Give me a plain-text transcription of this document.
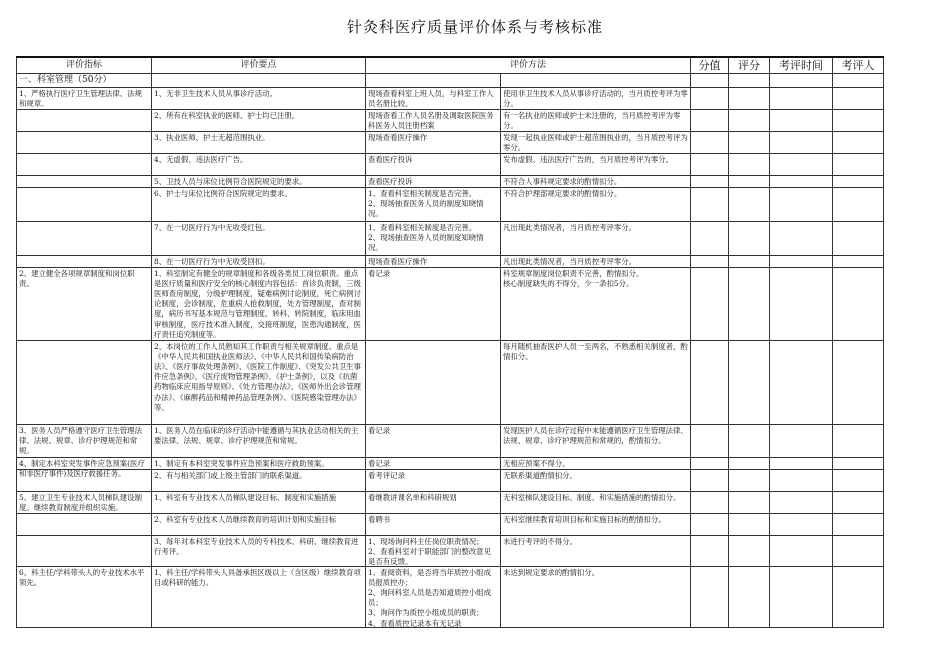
针灸科医疗质量评价体系与考核标准
评价指标	评价要点	评价方法		分值	评分	考评时间	考评人
一、科室管理（50分）							

1、严格执行医疗卫生管理法律、法规和规章。	1、无非卫生技术人员从事诊疗活动。	现场查看科室上班人员，与科室工作人员名册比较。	使用非卫生技术人员从事诊疗活动的，当月质控考评为零分。				

	2、所有在科室执业的医师、护士均已注册。	现场查看工作人员名册及调取医院医务科医务人员注册档案	有一名执业的医师或护士未注册的，当月质控考评为零分。				

	3、执业医师、护士无超范围执业。	现场查看医疗操作	发现一起执业医师或护士超范围执业的，当月质控考评为零分。				

	4、无虚假、违法医疗广告。	查看医疗投诉	发布虚假、违法医疗广告的，当月质控考评为零分。				

	5、卫技人员与床位比例符合医院规定的要求。	查看医疗投诉	不符合人事科规定要求的酌情扣分。				

	6、护士与床位比例符合医院规定的要求。	1、查看科室相关制度是否完善。
2、现场抽查医务人员的制度知晓情况。	不符合护理部规定要求的酌情扣分。				

	7、在一切医疗行为中无收受红包。	1、查看科室相关制度是否完善。
2、现场抽查医务人员的制度知晓情况。	凡出现此类情况者，当月质控考评零分。				

	8、在一切医疗行为中无收受回扣。	现场查看医疗操作	凡出现此类情况者，当月质控考评零分。				

2、建立健全各项规章制度和岗位职责。	1、科室制定有健全的规章制度和各级各类员工岗位职责。重点是医疗质量和医疗安全的核心制度内容包括：首诊负责制，三级医师查房制度，分级护理制度，疑难病例讨论制度，死亡病例讨论制度，会诊制度，危重病人抢救制度，处方管理制度，查对制度，病历书写基本规范与管理制度，转科、转院制度，临床用血审核制度，医疗技术准入制度，交接班制度，医患沟通制度，医疗责任追究制度等。	看记录	科室规章制度岗位职责不完善，酌情扣分。
核心制度缺失的不得分，少一条扣5分。				

	2、本岗位的工作人员熟知其工作职责与相关规章制度。重点是《中华人民共和国执业医师法》、《中华人民共和国传染病防治法》、《医疗事故处理条例》、《医院工作制度》、《突发公共卫生事件应急条例》、《医疗废物管理条例》、《护士条例》，以及《抗菌药物临床应用指导原则》、《处方管理办法》、《医师外出会诊管理办法》、《麻醉药品和精神药品管理条例》、《医院感染管理办法》等。		每月随机抽查医护人员一至两名，不熟悉相关制度者，酌情扣分。				

3、医务人员严格遵守医疗卫生管理法律、法规、规章、诊疗护理规范和常规。	1、医务人员在临床的诊疗活动中能遵循与其执业活动相关的主要法律、法规、规章、诊疗护理规范和常规。	看记录	发现医护人员在诊疗过程中未能遵循医疗卫生管理法律、法规、规章、诊疗护理规范和常规的，酌情扣分。				

4、制定本科室突发事件应急预案(医疗和非医疗事件)及医疗救援任务。	1、制定有本科室突发事件应急预案和医疗救助预案。	看记录	无相应预案不得分。				

	2、有与相关部门或上级主管部门的联系渠道。	看考评记录	无联系渠道酌情扣分。				

5、建立卫生专业技术人员梯队建设制度、继续教育制度并组织实施。	1、科室有专业技术人员梯队建设目标、制度和实施措施	看继教讲课名单和科研规划	无科室梯队建设目标、制度、和实施措施的酌情扣分。				

	2、科室有专业技术人员继续教育的培训计划和实施目标	看聘书	无科室继续教育培训目标和实施目标的酌情扣分。				

	3、每年对本科室专业技术人员的专科技术、科研、继续教育进行考评。	1、现场询问科主任岗位职责情况；
2、查看科室对于职能部门的整改意见是否有反馈。	未进行考评的不得分。				

6、科主任/学科带头人的专业技术水平领先。	1、科主任/学科带头人具备承担区级以上（含区级）继续教育项目或科研的能力。	1、查阅资料，是否将当年质控小组成员报质控办；
2、询问科室人员是否知道质控小组成员；
3、询问作为质控小组成员的职责；
4、查看质控记录本有无记录	未达到规定要求的酌情扣分。				
